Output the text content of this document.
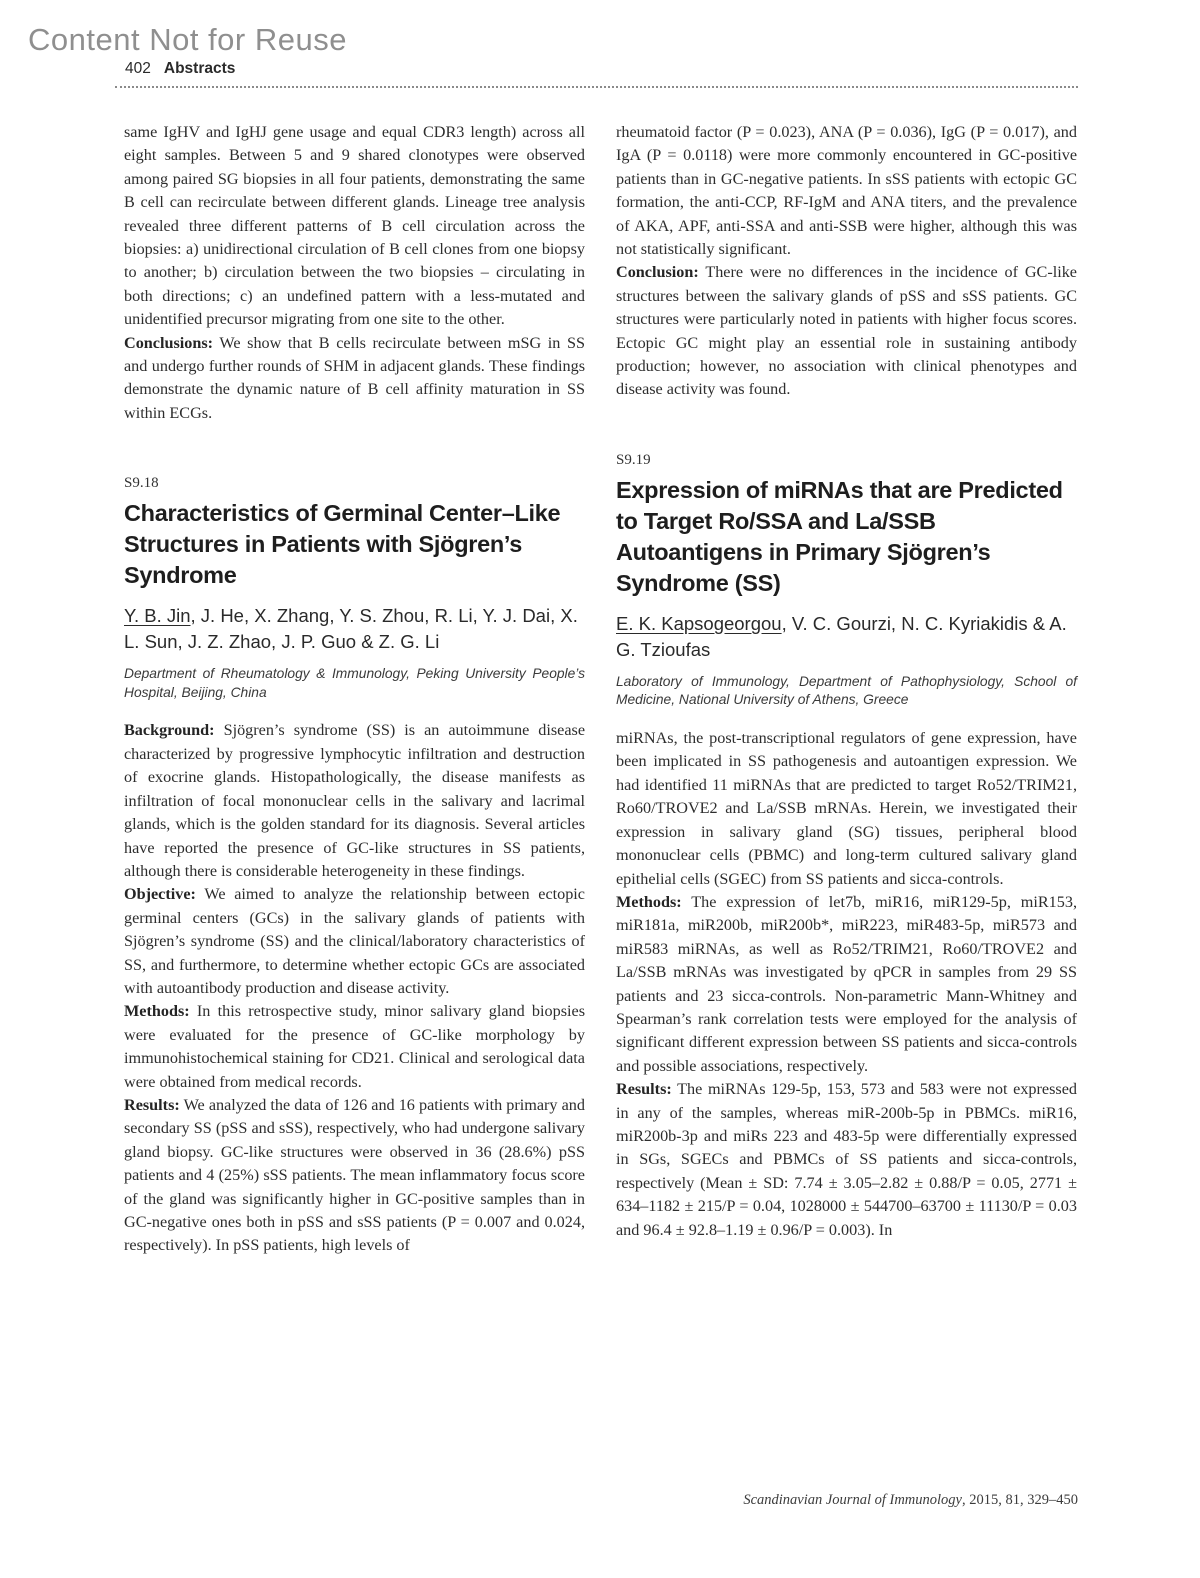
Content Not for Reuse
402 Abstracts

same IgHV and IgHJ gene usage and equal CDR3 length) across all eight samples. Between 5 and 9 shared clonotypes were observed among paired SG biopsies in all four patients, demonstrating the same B cell can recirculate between different glands. Lineage tree analysis revealed three different patterns of B cell circulation across the biopsies: a) unidirectional circulation of B cell clones from one biopsy to another; b) circulation between the two biopsies – circulating in both directions; c) an undefined pattern with a less-mutated and unidentified precursor migrating from one site to the other.

Conclusions: We show that B cells recirculate between mSG in SS and undergo further rounds of SHM in adjacent glands. These findings demonstrate the dynamic nature of B cell affinity maturation in SS within ECGs.

S9.18

Characteristics of Germinal Center–Like Structures in Patients with Sjögren’s Syndrome

Y. B. Jin, J. He, X. Zhang, Y. S. Zhou, R. Li, Y. J. Dai, X. L. Sun, J. Z. Zhao, J. P. Guo & Z. G. Li

Department of Rheumatology & Immunology, Peking University People’s Hospital, Beijing, China

Background: Sjögren’s syndrome (SS) is an autoimmune disease characterized by progressive lymphocytic infiltration and destruction of exocrine glands. Histopathologically, the disease manifests as infiltration of focal mononuclear cells in the salivary and lacrimal glands, which is the golden standard for its diagnosis. Several articles have reported the presence of GC-like structures in SS patients, although there is considerable heterogeneity in these findings.

Objective: We aimed to analyze the relationship between ectopic germinal centers (GCs) in the salivary glands of patients with Sjögren’s syndrome (SS) and the clinical/laboratory characteristics of SS, and furthermore, to determine whether ectopic GCs are associated with autoantibody production and disease activity.

Methods: In this retrospective study, minor salivary gland biopsies were evaluated for the presence of GC-like morphology by immunohistochemical staining for CD21. Clinical and serological data were obtained from medical records.

Results: We analyzed the data of 126 and 16 patients with primary and secondary SS (pSS and sSS), respectively, who had undergone salivary gland biopsy. GC-like structures were observed in 36 (28.6%) pSS patients and 4 (25%) sSS patients. The mean inflammatory focus score of the gland was significantly higher in GC-positive samples than in GC-negative ones both in pSS and sSS patients (P = 0.007 and 0.024, respectively). In pSS patients, high levels of

rheumatoid factor (P = 0.023), ANA (P = 0.036), IgG (P = 0.017), and IgA (P = 0.0118) were more commonly encountered in GC-positive patients than in GC-negative patients. In sSS patients with ectopic GC formation, the anti-CCP, RF-IgM and ANA titers, and the prevalence of AKA, APF, anti-SSA and anti-SSB were higher, although this was not statistically significant.

Conclusion: There were no differences in the incidence of GC-like structures between the salivary glands of pSS and sSS patients. GC structures were particularly noted in patients with higher focus scores. Ectopic GC might play an essential role in sustaining antibody production; however, no association with clinical phenotypes and disease activity was found.

S9.19

Expression of miRNAs that are Predicted to Target Ro/SSA and La/SSB Autoantigens in Primary Sjögren’s Syndrome (SS)

E. K. Kapsogeorgou, V. C. Gourzi, N. C. Kyriakidis & A. G. Tzioufas

Laboratory of Immunology, Department of Pathophysiology, School of Medicine, National University of Athens, Greece

miRNAs, the post-transcriptional regulators of gene expression, have been implicated in SS pathogenesis and autoantigen expression. We had identified 11 miRNAs that are predicted to target Ro52/TRIM21, Ro60/TROVE2 and La/SSB mRNAs. Herein, we investigated their expression in salivary gland (SG) tissues, peripheral blood mononuclear cells (PBMC) and long-term cultured salivary gland epithelial cells (SGEC) from SS patients and sicca-controls.

Methods: The expression of let7b, miR16, miR129-5p, miR153, miR181a, miR200b, miR200b*, miR223, miR483-5p, miR573 and miR583 miRNAs, as well as Ro52/TRIM21, Ro60/TROVE2 and La/SSB mRNAs was investigated by qPCR in samples from 29 SS patients and 23 sicca-controls. Non-parametric Mann-Whitney and Spearman’s rank correlation tests were employed for the analysis of significant different expression between SS patients and sicca-controls and possible associations, respectively.

Results: The miRNAs 129-5p, 153, 573 and 583 were not expressed in any of the samples, whereas miR-200b-5p in PBMCs. miR16, miR200b-3p and miRs 223 and 483-5p were differentially expressed in SGs, SGECs and PBMCs of SS patients and sicca-controls, respectively (Mean ± SD: 7.74 ± 3.05–2.82 ± 0.88/P = 0.05, 2771 ± 634–1182 ± 215/P = 0.04, 1028000 ± 544700–63700 ± 11130/P = 0.03 and 96.4 ± 92.8–1.19 ± 0.96/P = 0.003). In

Scandinavian Journal of Immunology, 2015, 81, 329–450
